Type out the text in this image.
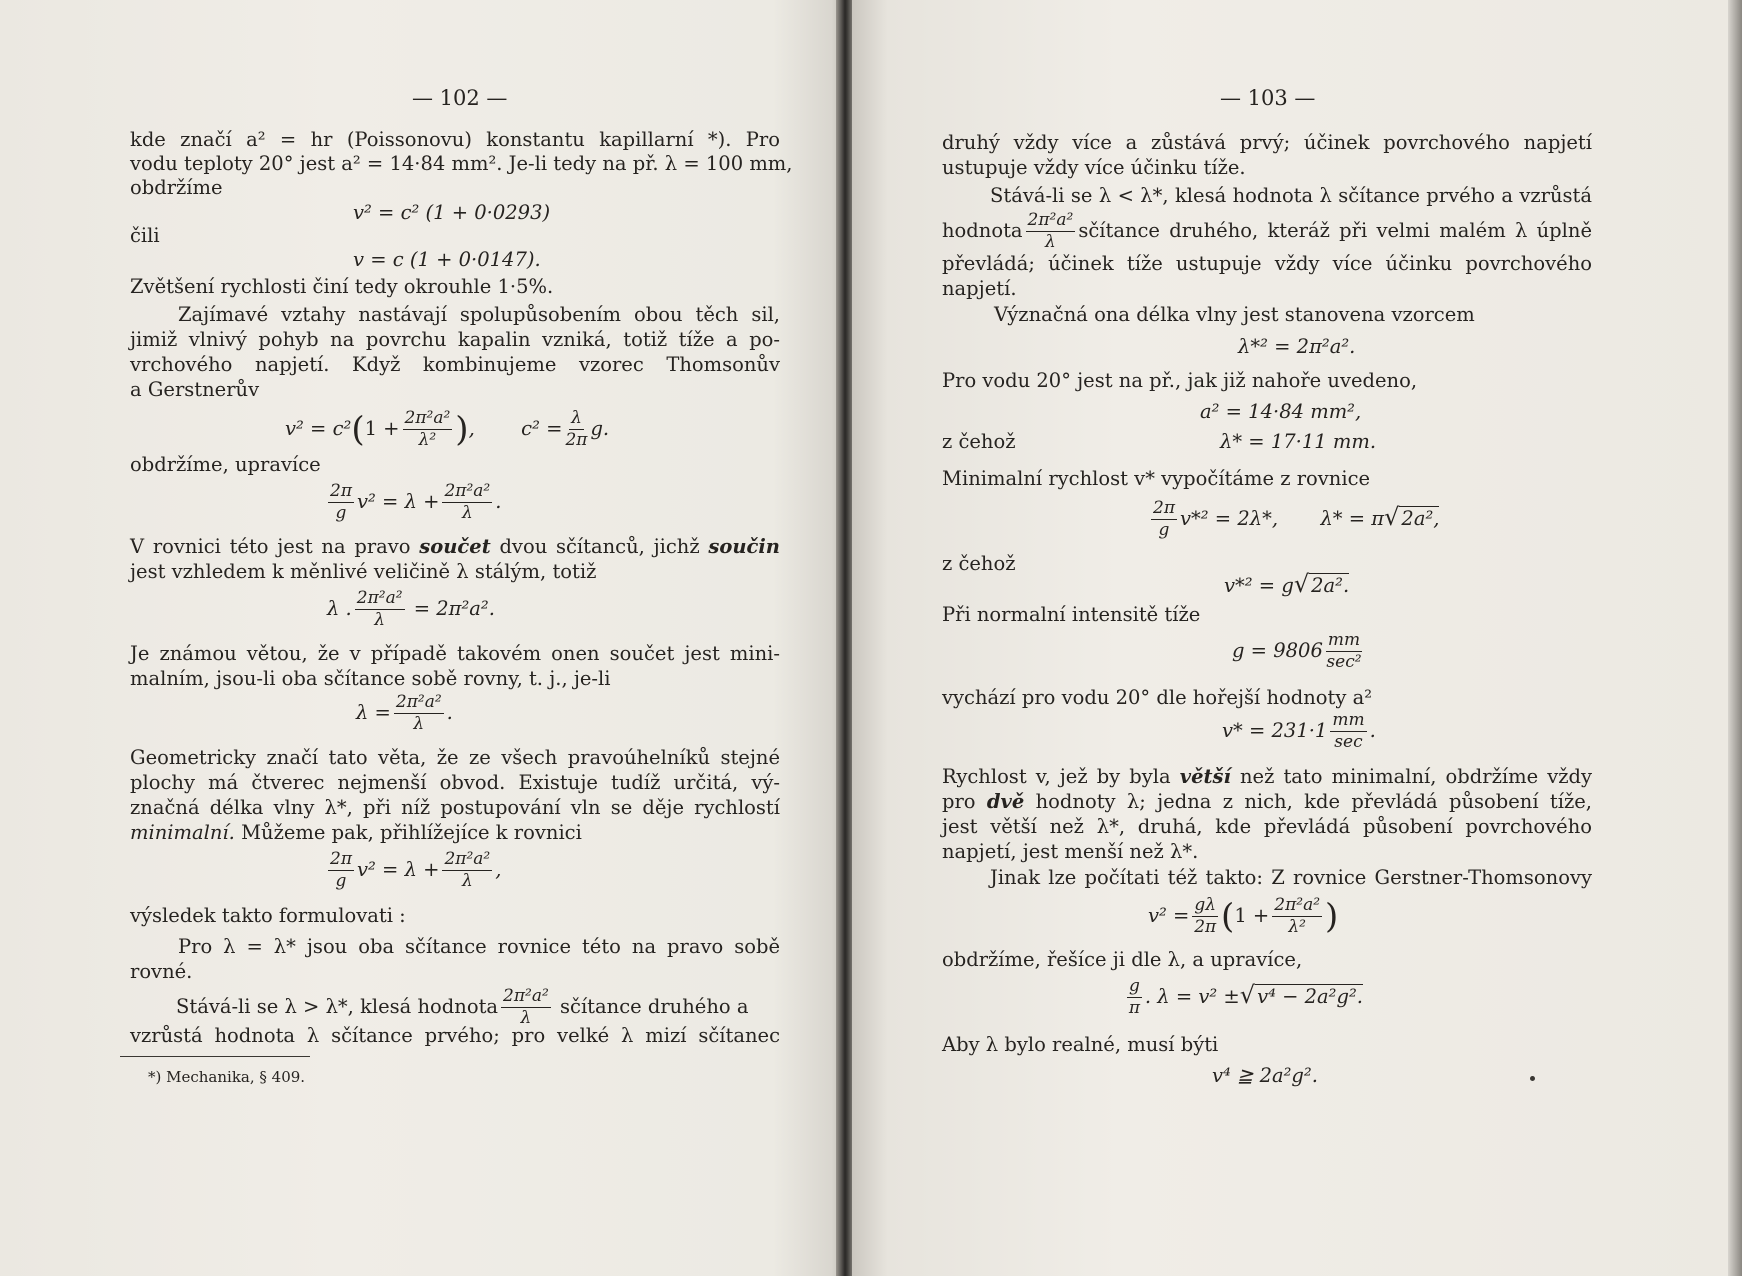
— 102 —
kde značí a² = hr (Poissonovu) konstantu kapillarní *). Pro
vodu teploty 20° jest a² = 14·84 mm². Je-li tedy na př. λ = 100 mm,
obdržíme
v² = c² (1 + 0·0293)
čili
v = c (1 + 0·0147).
Zvětšení rychlosti činí tedy okrouhle 1·5%.
Zajímavé vztahy nastávají spolupůsobením obou těch sil,
jimiž vlnivý pohyb na povrchu kapalin vzniká, totiž tíže a po-
vrchového napjetí. Když kombinujeme vzorec Thomsonův
a Gerstnerův
$v^2 = c^2(1 + \frac{\text{2π²a²}}{\text{λ²}}$ ), $c^2 = \frac{\lambda}{2\pi} g$.
obdržíme, upravíce
$\frac{2\pi}{g} v^2 = \lambda + \frac{\text{2π²a²}}{\lambda}$ .
V rovnici této jest na pravo součet dvou sčítanců, jichž součin
jest vzhledem k měnlivé veličině λ stálým, totiž
λ . $\frac{\text{2π²a²}}{\lambda} = 2\pi^2a^2$.
Je známou větou, že v případě takovém onen součet jest mini-
malním, jsou-li oba sčítance sobě rovny, t. j., je-li
$\lambda = \frac{\text{2π²a²}}{\lambda}$ .
Geometricky značí tato věta, že ze všech pravoúhelníků stejné
plochy má čtverec nejmenší obvod. Existuje tudíž určitá, vý-
značná délka vlny λ*, při níž postupování vln se děje rychlostí
minimalní. Můžeme pak, přihlížejíce k rovnici
$\frac{2\pi}{g} v^2 = \lambda + \frac{\text{2π²a²}}{\lambda}$ ,
výsledek takto formulovati :
Pro λ = λ* jsou oba sčítance rovnice této na pravo sobě
rovné.
Stává-li se λ > λ*, klesá hodnota $\frac{\text{2π²a²}}{\lambda}$ sčítance druhého a
vzrůstá hodnota λ sčítance prvého; pro velké λ mizí sčítanec
*) Mechanika, § 409.
— 103 —
druhý vždy více a zůstává prvý; účinek povrchového napjetí
ustupuje vždy více účinku tíže.
Stává-li se λ < λ*, klesá hodnota λ sčítance prvého a vzrůstá
hodnota $\frac{\text{2π²a²}}{\lambda}$ sčítance druhého, kteráž při velmi malém λ úplně
převládá; účinek tíže ustupuje vždy více účinku povrchového
napjetí.
Význačná ona délka vlny jest stanovena vzorcem
λ*² = 2π²a².
Pro vodu 20° jest na př., jak již nahoře uvedeno,
a² = 14·84 mm²,
z čehož	λ* = 17·11 mm.
Minimalní rychlost v* vypočítáme z rovnice
$\frac{2\pi}{g} v*^2 = 2\lambda*$, λ* = π√ 2a²,
z čehož
v*² = g√ 2a².
Při normalní intensitě tíže
$g = 9806 \frac{mm}{\text{sec²}}$
vychází pro vodu 20° dle hořejší hodnoty a²
$v* = 231\cdot 1 \frac{mm}{\sec}$ .
Rychlost v, jež by byla větší než tato minimalní, obdržíme vždy
pro dvě hodnoty λ; jedna z nich, kde převládá působení tíže,
jest větší než λ*, druhá, kde převládá působení povrchového
napjetí, jest menší než λ*.
Jinak lze počítati též takto: Z rovnice Gerstner-Thomsonovy
$v^2 = \frac{g\lambda}{2\pi} (1 + \frac{\text{2π²a²}}{\text{λ²}}$ )
obdržíme, řešíce ji dle λ, a upravíce,
$\frac{g}{\pi}$ . λ = v² ±√ v⁴ − 2a²g².
Aby λ bylo realné, musí býti
v⁴ ≧ 2a²g².
